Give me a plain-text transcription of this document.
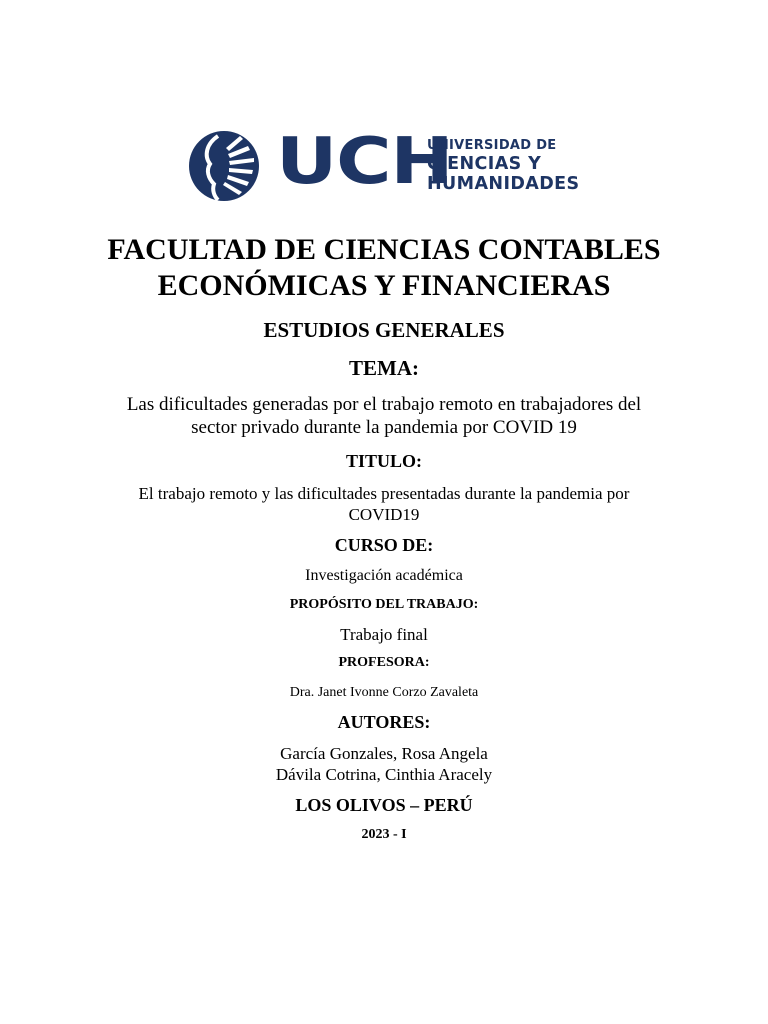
UCH
UNIVERSIDAD DE
CIENCIAS Y
HUMANIDADES
FACULTAD DE CIENCIAS CONTABLES
ECONÓMICAS Y FINANCIERAS
ESTUDIOS GENERALES
TEMA:
Las dificultades generadas por el trabajo remoto en trabajadores del
sector privado durante la pandemia por COVID 19
TITULO:
El trabajo remoto y las dificultades presentadas durante la pandemia por
COVID19
CURSO DE:
Investigación académica
PROPÓSITO DEL TRABAJO:
Trabajo final
PROFESORA:
Dra. Janet Ivonne Corzo Zavaleta
AUTORES:
García Gonzales, Rosa Angela
Dávila Cotrina, Cinthia Aracely
LOS OLIVOS – PERÚ
2023 - I
